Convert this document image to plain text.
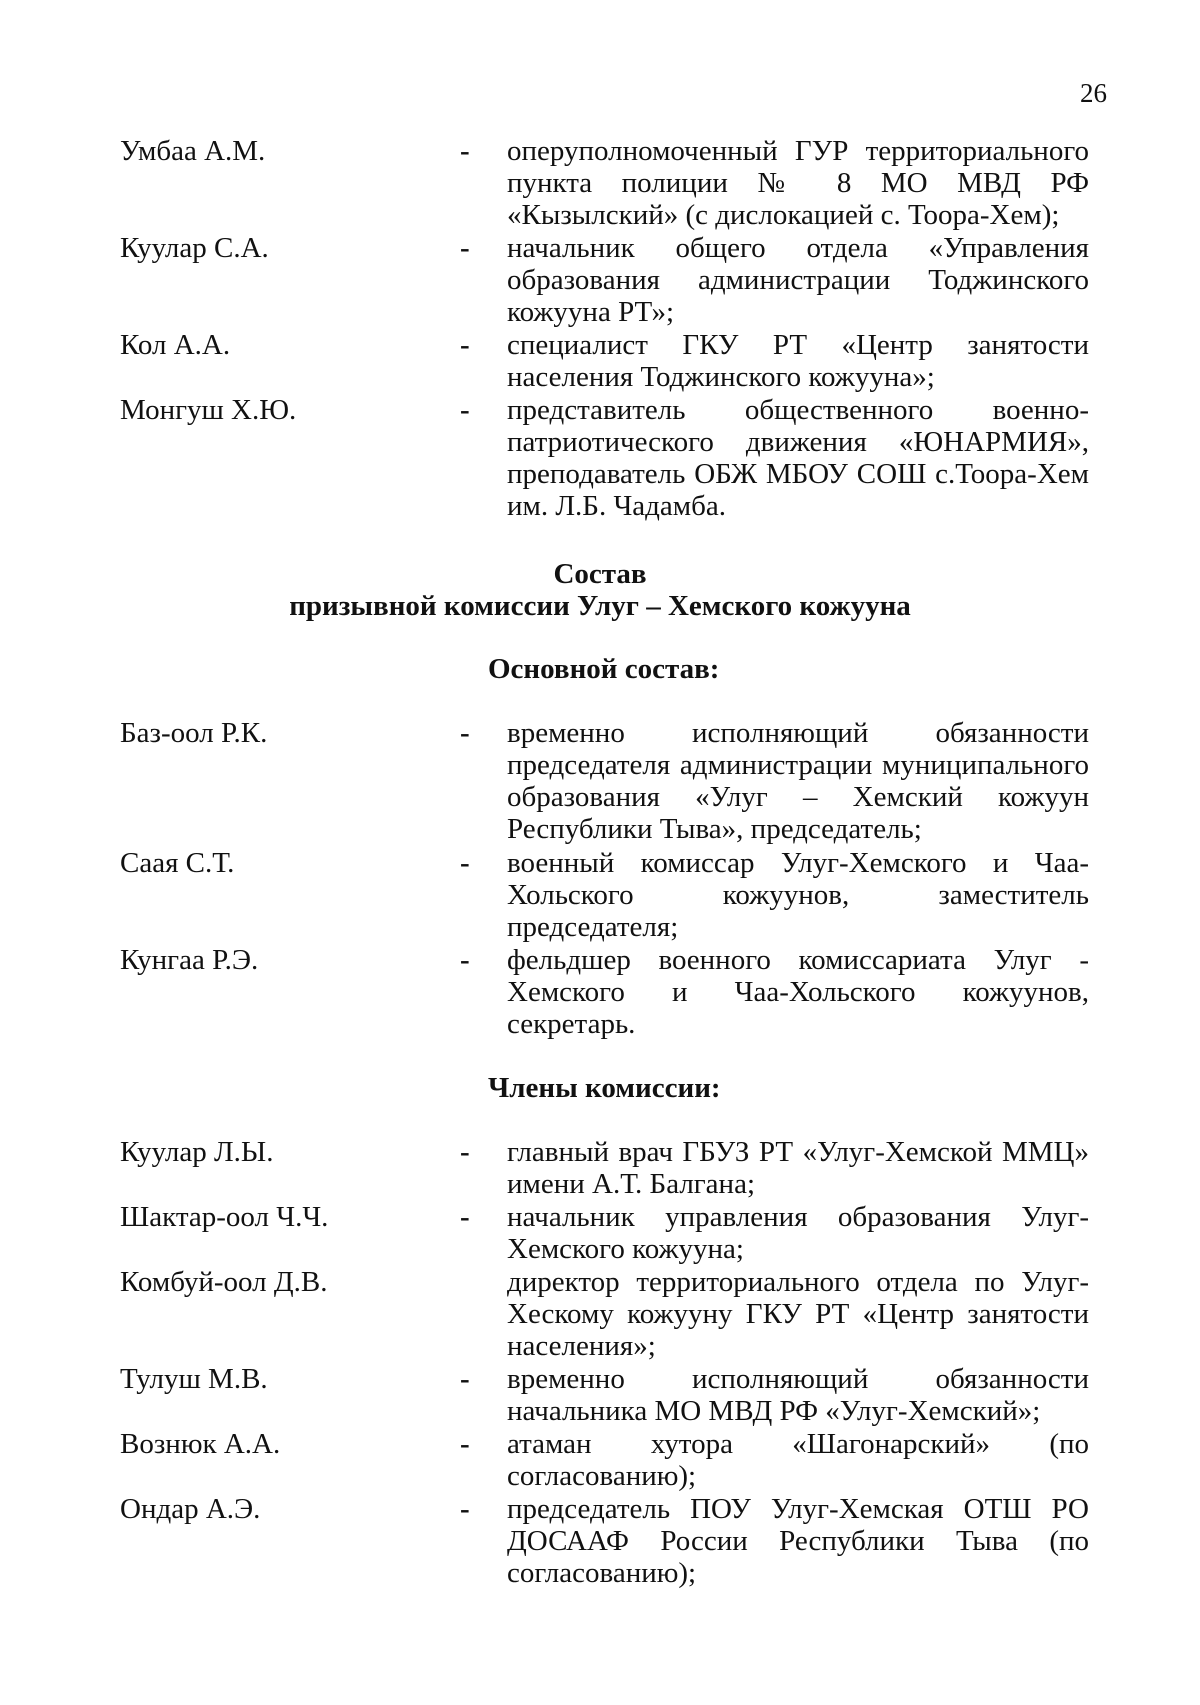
26
Умбаа А.М.	-	оперуполномоченный ГУР территориального пункта полиции № 8 МО МВД РФ «Кызылский» (с дислокацией с. Тоора-Хем);
Куулар С.А.	-	начальник общего отдела «Управления образования администрации Тоджинского кожууна РТ»;
Кол А.А.	-	специалист ГКУ РТ «Центр занятости населения Тоджинского кожууна»;
Монгуш Х.Ю.	-	представитель общественного военно-патриотического движения «ЮНАРМИЯ», преподаватель ОБЖ МБОУ СОШ с.Тоора-Хем им. Л.Б. Чадамба.
Состав
призывной комиссии Улуг – Хемского кожууна
Основной состав:
Баз-оол Р.К.	-	временно исполняющий обязанности председателя администрации муниципального образования «Улуг – Хемский кожуун Республики Тыва», председатель;
Саая С.Т.	-	военный комиссар Улуг-Хемского и Чаа-Хольского кожуунов, заместитель председателя;
Кунгаа Р.Э.	-	фельдшер военного комиссариата Улуг - Хемского и Чаа-Хольского кожуунов, секретарь.
Члены комиссии:
Куулар Л.Ы.	-	главный врач ГБУЗ РТ «Улуг-Хемской ММЦ» имени А.Т. Балгана;
Шактар-оол Ч.Ч.	-	начальник управления образования Улуг-Хемского кожууна;
Комбуй-оол Д.В.	директор территориального отдела по Улуг-Хескому кожууну ГКУ РТ «Центр занятости населения»;
Тулуш М.В.	-	временно исполняющий обязанности начальника МО МВД РФ «Улуг-Хемский»;
Вознюк А.А.	-	атаман хутора «Шагонарский» (по согласованию);
Ондар А.Э.	-	председатель ПОУ Улуг-Хемская ОТШ РО ДОСААФ России Республики Тыва (по согласованию);
